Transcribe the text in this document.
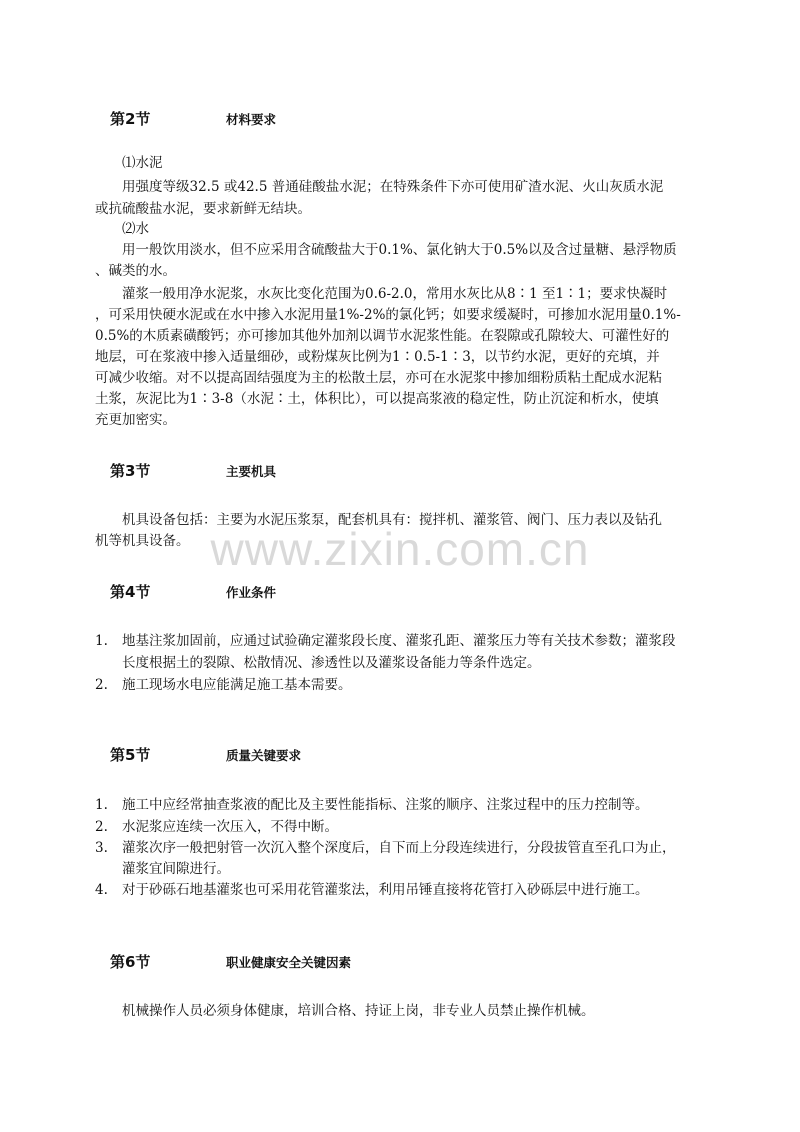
www.zixin.com.cn
第2节	材料要求
⑴水泥
用强度等级32.5 或42.5 普通硅酸盐水泥；在特殊条件下亦可使用矿渣水泥、火山灰质水泥
或抗硫酸盐水泥，要求新鲜无结块。
⑵水
用一般饮用淡水，但不应采用含硫酸盐大于0.1%、氯化钠大于0.5%以及含过量糖、悬浮物质
、碱类的水。
灌浆一般用净水泥浆，水灰比变化范围为0.6-2.0，常用水灰比从8∶1 至1∶1；要求快凝时
，可采用快硬水泥或在水中掺入水泥用量1%-2%的氯化钙；如要求缓凝时，可掺加水泥用量0.1%-
0.5%的木质素磺酸钙；亦可掺加其他外加剂以调节水泥浆性能。在裂隙或孔隙较大、可灌性好的
地层，可在浆液中掺入适量细砂，或粉煤灰比例为1∶0.5-1∶3，以节约水泥，更好的充填，并
可减少收缩。对不以提高固结强度为主的松散土层，亦可在水泥浆中掺加细粉质粘土配成水泥粘
土浆，灰泥比为1∶3-8（水泥∶土，体积比），可以提高浆液的稳定性，防止沉淀和析水，使填
充更加密实。
第3节	主要机具
机具设备包括：主要为水泥压浆泵，配套机具有：搅拌机、灌浆管、阀门、压力表以及钻孔
机等机具设备。
第4节	作业条件
1. 地基注浆加固前，应通过试验确定灌浆段长度、灌浆孔距、灌浆压力等有关技术参数；灌浆段
长度根据土的裂隙、松散情况、渗透性以及灌浆设备能力等条件选定。
2. 施工现场水电应能满足施工基本需要。
第5节	质量关键要求
1. 施工中应经常抽查浆液的配比及主要性能指标、注浆的顺序、注浆过程中的压力控制等。
2. 水泥浆应连续一次压入，不得中断。
3. 灌浆次序一般把射管一次沉入整个深度后，自下而上分段连续进行，分段拔管直至孔口为止，
灌浆宜间隙进行。
4. 对于砂砾石地基灌浆也可采用花管灌浆法，利用吊锤直接将花管打入砂砾层中进行施工。
第6节	职业健康安全关键因素
机械操作人员必须身体健康，培训合格、持证上岗，非专业人员禁止操作机械。
